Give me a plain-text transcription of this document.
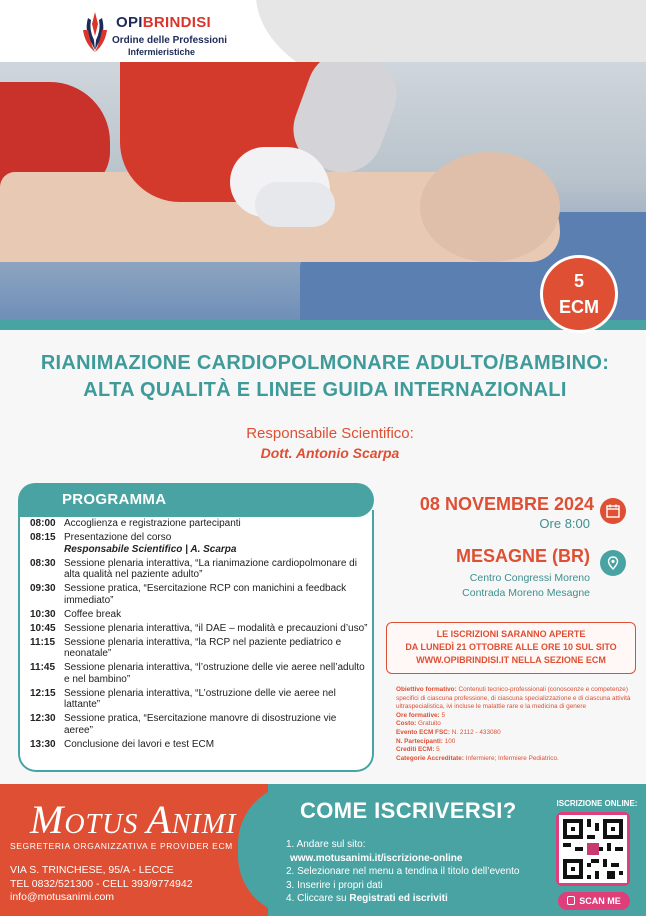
OPIBRINDISI
Ordine delle Professioni
Infermieristiche
5
ECM
RIANIMAZIONE CARDIOPOLMONARE ADULTO/BAMBINO:
ALTA QUALITÀ E LINEE GUIDA INTERNAZIONALI
Responsabile Scientifico:
Dott. Antonio Scarpa
PROGRAMMA
08:00 Accoglienza e registrazione partecipanti
08:15 Presentazione del corso
Responsabile Scientifico | A. Scarpa
08:30 Sessione plenaria interattiva, “La rianimazione cardiopolmonare di alta qualità nel paziente adulto”
09:30 Sessione pratica, “Esercitazione RCP con manichini a feedback immediato”
10:30 Coffee break
10:45 Sessione plenaria interattiva, “il DAE – modalità e precauzioni d’uso”
11:15 Sessione plenaria interattiva, “la RCP nel paziente pediatrico e neonatale”
11:45 Sessione plenaria interattiva, “l’ostruzione delle vie aeree nell’adulto e nel bambino”
12:15 Sessione plenaria interattiva, “L’ostruzione delle vie aeree nel lattante”
12:30 Sessione pratica, “Esercitazione manovre di disostruzione vie aeree”
13:30 Conclusione dei lavori e test ECM
08 NOVEMBRE 2024
Ore 8:00
MESAGNE (BR)
Centro Congressi Moreno
Contrada Moreno Mesagne
LE ISCRIZIONI SARANNO APERTE
DA LUNEDÌ 21 OTTOBRE ALLE ORE 10 SUL SITO
WWW.OPIBRINDISI.IT NELLA SEZIONE ECM
Obiettivo formativo: Contenuti tecnico-professionali (conoscenze e competenze) specifici di ciascuna professione, di ciascuna specializzazione e di ciascuna attività ultraspecialistica, ivi incluse le malattie rare e la medicina di genere
Ore formative: 5
Costo: Gratuito
Evento ECM FSC: N. 2112 - 433080
N. Partecipanti: 100
Crediti ECM: 5
Categorie Accreditate: Infermiere; Infermiere Pediatrico.
MOTUS ANIMI
SEGRETERIA ORGANIZZATIVA E PROVIDER ECM
VIA S. TRINCHESE, 95/A - LECCE
TEL 0832/521300 - CELL 393/9774942
info@motusanimi.com
COME ISCRIVERSI?
1. Andare sul sito:
www.motusanimi.it/iscrizione-online
2. Selezionare nel menu a tendina il titolo dell’evento
3. Inserire i propri dati
4. Cliccare su Registrati ed iscriviti
ISCRIZIONE ONLINE:
SCAN ME
